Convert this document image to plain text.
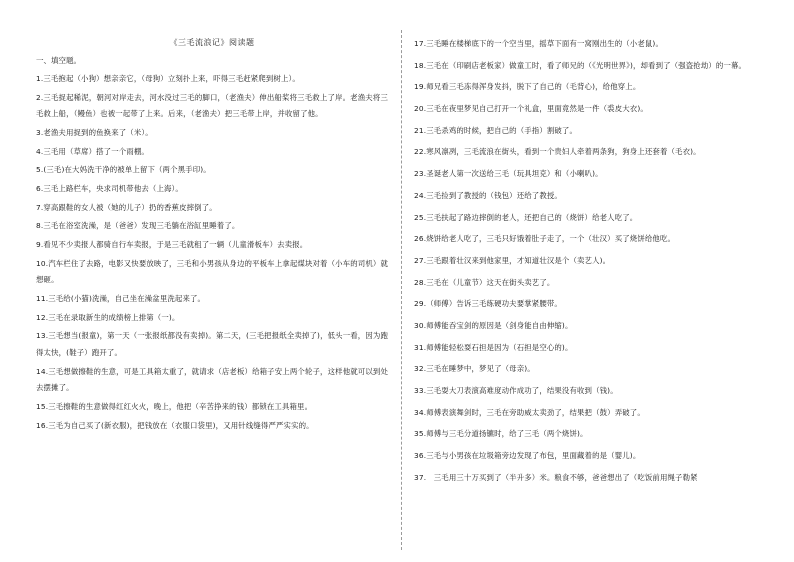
《三毛流浪记》阅读题

一、填空题。

1.三毛抱起（小狗）想亲亲它，（母狗）立刻扑上来，吓得三毛赶紧爬到树上）。

2.三毛捉起稀泥，朝河对岸走去，河水没过三毛的脚口，（老渔夫）伸出船桨将三毛救上了岸。老渔夫将三毛救上船，（鳗鱼）也被一起带了上来。后来，（老渔夫）把三毛带上岸，并收留了他。

3.老渔夫用捉到的鱼换来了（米）。

4.三毛用（草席）搭了一个雨棚。

5.(三毛)在大妈洗干净的被单上留下（两个黑手印)。

6.三毛上路栏车，央求司机带他去（上海）。

7.穿高跟鞋的女人被（她的儿子）扔的香蕉皮摔倒了。

8.三毛在浴室洗澡，是（爸爸）发现三毛躺在浴缸里睡着了。

9.看见不少卖报人都骑自行车卖报，于是三毛就租了一辆（儿童滑板车）去卖报。

10.汽车栏住了去路，电影又快要放映了，三毛和小男孩从身边的平板车上拿起煤块对着（小车的司机）就想砸。

11.三毛给(小猫)洗澡，自己坐在澡盆里洗起来了。

12.三毛在录取新生的成绩榜上排第（一)。

13.三毛想当(报童)，第一天（一张报纸都没有卖掉)。第二天，(三毛把报纸全卖掉了)，低头一看，因为跑得太快，(鞋子）跑开了。

14.三毛想做擦鞋的生意，可是工具箱太重了，就请求（店老板）给箱子安上两个轮子，这样他就可以到处去摆摊了。

15.三毛擦鞋的生意做得红红火火，晚上，他把（辛苦挣来的钱）都锁在工具箱里。

16.三毛为自己买了(新衣服)，把钱放在（衣服口袋里)，又用针线缝得严严实实的。

17.三毛睡在楼梯底下的一个空当里，摇草下面有一窝刚出生的（小老鼠)。

18.三毛在（印刷店老板家）做童工时，看了师兄的（《光明世界》)，却看到了（强盗抢劫）的一幕。

19.师兄看三毛冻得浑身发抖，脱下了自己的（毛背心)，给他穿上。

20.三毛在夜里梦见自己打开一个礼盒，里面竟然是一件（裘皮大衣)。

21.三毛杀鸡的时候，把自己的（手指）割破了。

22.寒风凛冽，三毛流浪在街头，看到一个贵妇人牵着两条狗，狗身上还套着（毛衣)。

23.圣诞老人第一次送给三毛（玩具坦克）和（小喇叭)。

24.三毛捡到了教授的（钱包）还给了教授。

25.三毛扶起了路边摔倒的老人，还把自己的（烧饼）给老人吃了。

26.烧饼给老人吃了，三毛只好饿着肚子走了，一个（壮汉）买了烧饼给他吃。

27.三毛跟着壮汉来到他家里，才知道壮汉是个（卖艺人)。

28.三毛在（儿童节）这天在街头卖艺了。

29.（师傅）告诉三毛练硬功夫要掌紧腰带。

30.师傅能吞宝剑的原因是（剑身能自由伸缩)。

31.师傅能轻松耍石担是因为（石担是空心的)。

32.三毛在睡梦中，梦见了（母亲)。

33.三毛耍大刀表演高难度动作成功了，结果没有收到（钱)。

34.师傅表演舞剑时，三毛在旁助威太卖劲了，结果把（鼓）弄破了。

35.师傅与三毛分道扬镳时，给了三毛（两个烧饼)。

36.三毛与小男孩在垃圾箱旁边发现了布包，里面藏着的是（婴儿)。

37.　三毛用三十万买到了（半升多）米。粮食不够，爸爸想出了（吃饭前用绳子勒紧
